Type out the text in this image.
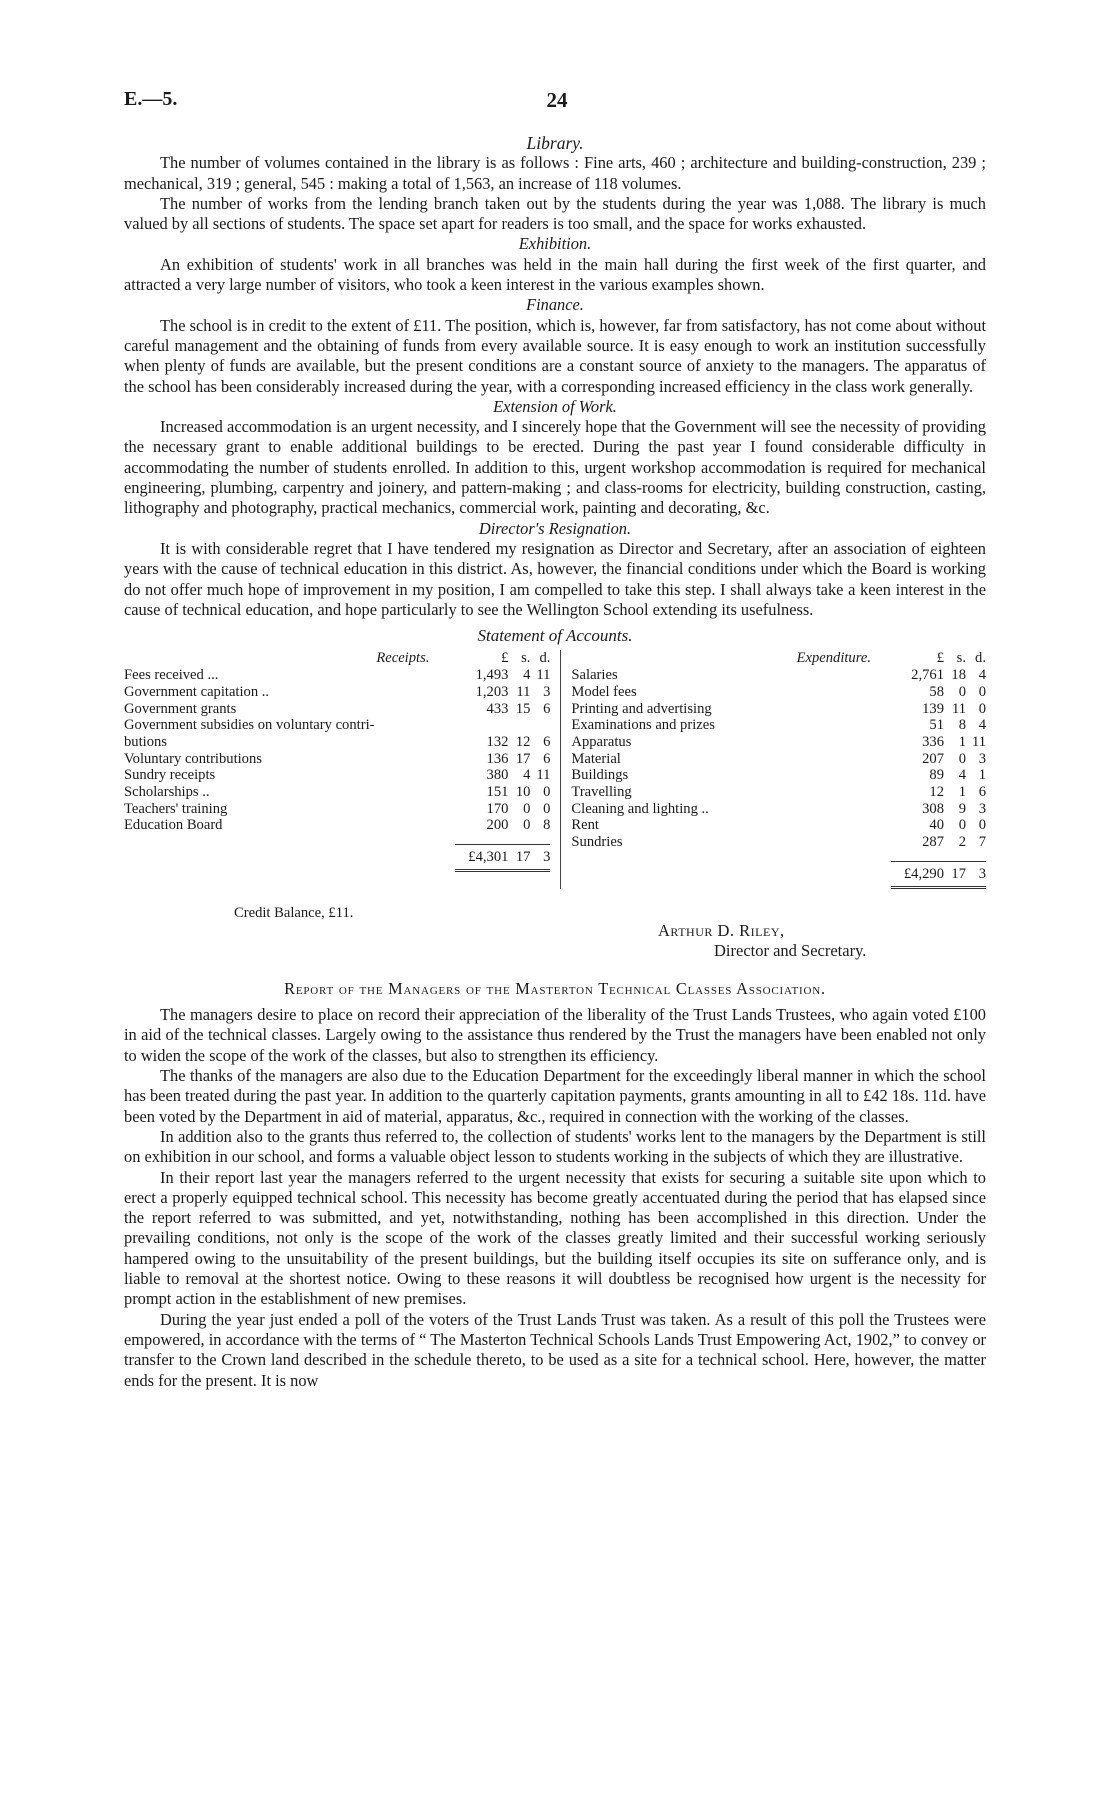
E.—5.	24
Library.

The number of volumes contained in the library is as follows : Fine arts, 460 ; architecture and building-construction, 239 ; mechanical, 319 ; general, 545 : making a total of 1,563, an increase of 118 volumes.

The number of works from the lending branch taken out by the students during the year was 1,088. The library is much valued by all sections of students. The space set apart for readers is too small, and the space for works exhausted.

Exhibition.

An exhibition of students' work in all branches was held in the main hall during the first week of the first quarter, and attracted a very large number of visitors, who took a keen interest in the various examples shown.

Finance.

The school is in credit to the extent of £11. The position, which is, however, far from satisfactory, has not come about without careful management and the obtaining of funds from every available source. It is easy enough to work an institution successfully when plenty of funds are available, but the present conditions are a constant source of anxiety to the managers. The apparatus of the school has been considerably increased during the year, with a corresponding increased efficiency in the class work generally.

Extension of Work.

Increased accommodation is an urgent necessity, and I sincerely hope that the Government will see the necessity of providing the necessary grant to enable additional buildings to be erected. During the past year I found considerable difficulty in accommodating the number of students enrolled. In addition to this, urgent workshop accommodation is required for mechanical engineering, plumbing, carpentry and joinery, and pattern-making ; and class-rooms for electricity, building construction, casting, lithography and photography, practical mechanics, commercial work, painting and decorating, &c.

Director's Resignation.

It is with considerable regret that I have tendered my resignation as Director and Secretary, after an association of eighteen years with the cause of technical education in this district. As, however, the financial conditions under which the Board is working do not offer much hope of improvement in my position, I am compelled to take this step. I shall always take a keen interest in the cause of technical education, and hope particularly to see the Wellington School extending its usefulness.

Statement of Accounts.
Receipts.	£ s. d.
Fees received ...	1,493	4 11
Government capitation ..	1,203 11 3
Government grants	433 15 6
Government subsidies on voluntary contri-
butions	132 12 6
Voluntary contributions	136 17 6
Sundry receipts	380	4 11
Scholarships ..	151 10 0
Teachers' training	170	0 0
Education Board	200	0 8
£4,301 17 3
Expenditure.	£ s. d.
Salaries	2,761 18 4
Model fees	58	0 0
Printing and advertising	139 11 0
Examinations and prizes	51	8 4
Apparatus	336	1 11
Material	207	0 3
Buildings	89	4 1
Travelling	12	1 6
Cleaning and lighting ..	308	9 3
Rent	40	0 0
Sundries	287	2 7
£4,290 17 3
Credit Balance, £11.
Arthur D. Riley,
Director and Secretary.
Report of the Managers of the Masterton Technical Classes Association.

The managers desire to place on record their appreciation of the liberality of the Trust Lands Trustees, who again voted £100 in aid of the technical classes. Largely owing to the assistance thus rendered by the Trust the managers have been enabled not only to widen the scope of the work of the classes, but also to strengthen its efficiency.

The thanks of the managers are also due to the Education Department for the exceedingly liberal manner in which the school has been treated during the past year. In addition to the quarterly capitation payments, grants amounting in all to £42 18s. 11d. have been voted by the Department in aid of material, apparatus, &c., required in connection with the working of the classes.

In addition also to the grants thus referred to, the collection of students' works lent to the managers by the Department is still on exhibition in our school, and forms a valuable object lesson to students working in the subjects of which they are illustrative.

In their report last year the managers referred to the urgent necessity that exists for securing a suitable site upon which to erect a properly equipped technical school. This necessity has become greatly accentuated during the period that has elapsed since the report referred to was submitted, and yet, notwithstanding, nothing has been accomplished in this direction. Under the prevailing conditions, not only is the scope of the work of the classes greatly limited and their successful working seriously hampered owing to the unsuitability of the present buildings, but the building itself occupies its site on sufferance only, and is liable to removal at the shortest notice. Owing to these reasons it will doubtless be recognised how urgent is the necessity for prompt action in the establishment of new premises.

During the year just ended a poll of the voters of the Trust Lands Trust was taken. As a result of this poll the Trustees were empowered, in accordance with the terms of “ The Masterton Technical Schools Lands Trust Empowering Act, 1902,” to convey or transfer to the Crown land described in the schedule thereto, to be used as a site for a technical school. Here, however, the matter ends for the present. It is now
